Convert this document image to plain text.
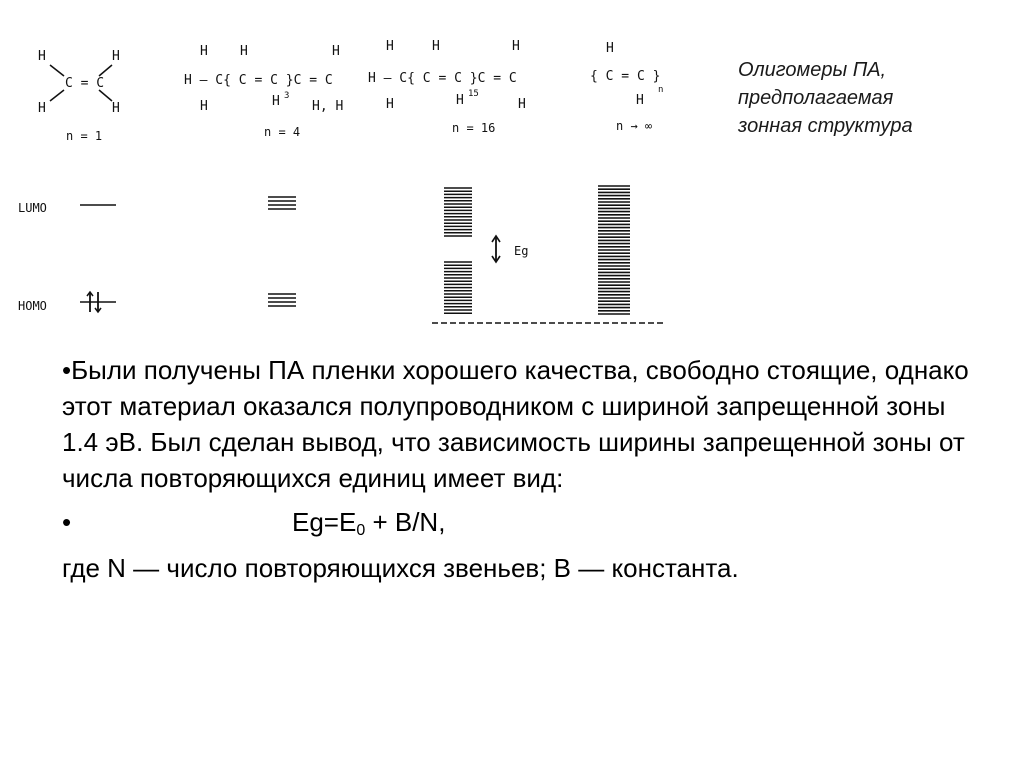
H	H
C = C
H	H
n = 1
H H	H
H – C{ C = C }C = C
H	H H, H
3
n = 4
H	H	H
H – C{ C = C }C = C
H	H	H
15
n = 16
H
{ C = C }
H
n
n → ∞
LUMO
HOMO
Eg
Олигомеры ПА,
предполагаемая
зонная структура

•Были получены ПА пленки хорошего качества, свободно стоящие, однако этот материал оказался полупроводником с шириной запрещенной зоны 1.4 эВ. Был сделан вывод, что зависимость ширины запрещенной зоны от числа повторяющихся единиц имеет вид:

•	$Eg=E_0 + B/N$,
где N — число повторяющихся звеньев; B — константа.
